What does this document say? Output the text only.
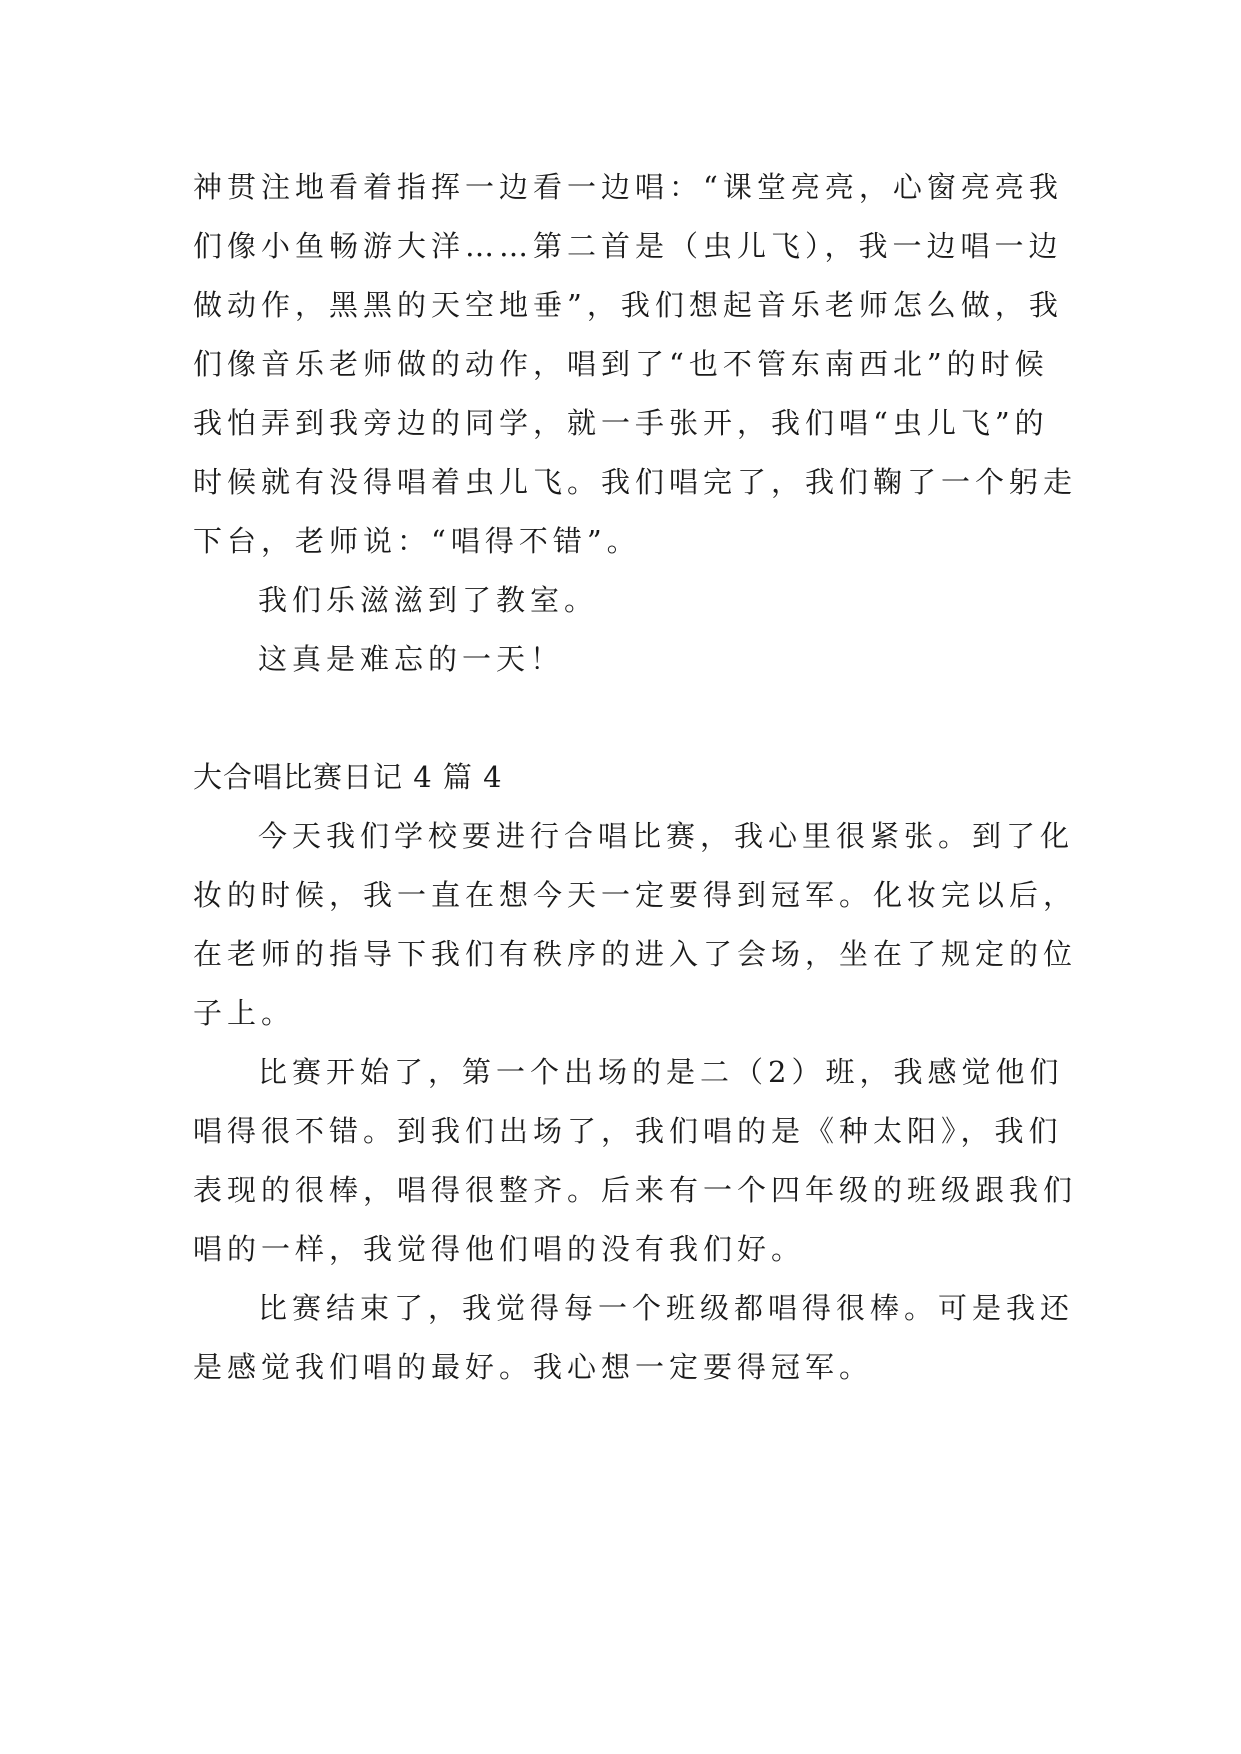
神贯注地看着指挥一边看一边唱：“课堂亮亮，心窗亮亮我
们像小鱼畅游大洋……第二首是（虫儿飞），我一边唱一边
做动作，黑黑的天空地垂”，我们想起音乐老师怎么做，我
们像音乐老师做的动作，唱到了“也不管东南西北”的时候
我怕弄到我旁边的同学，就一手张开，我们唱“虫儿飞”的
时候就有没得唱着虫儿飞。我们唱完了，我们鞠了一个躬走
下台，老师说：“唱得不错”。
我们乐滋滋到了教室。
这真是难忘的一天！
大合唱比赛日记 4 篇 4
今天我们学校要进行合唱比赛，我心里很紧张。到了化
妆的时候，我一直在想今天一定要得到冠军。化妆完以后，
在老师的指导下我们有秩序的进入了会场，坐在了规定的位
子上。
比赛开始了，第一个出场的是二（2）班，我感觉他们
唱得很不错。到我们出场了，我们唱的是《种太阳》，我们
表现的很棒，唱得很整齐。后来有一个四年级的班级跟我们
唱的一样，我觉得他们唱的没有我们好。
比赛结束了，我觉得每一个班级都唱得很棒。可是我还
是感觉我们唱的最好。我心想一定要得冠军。
